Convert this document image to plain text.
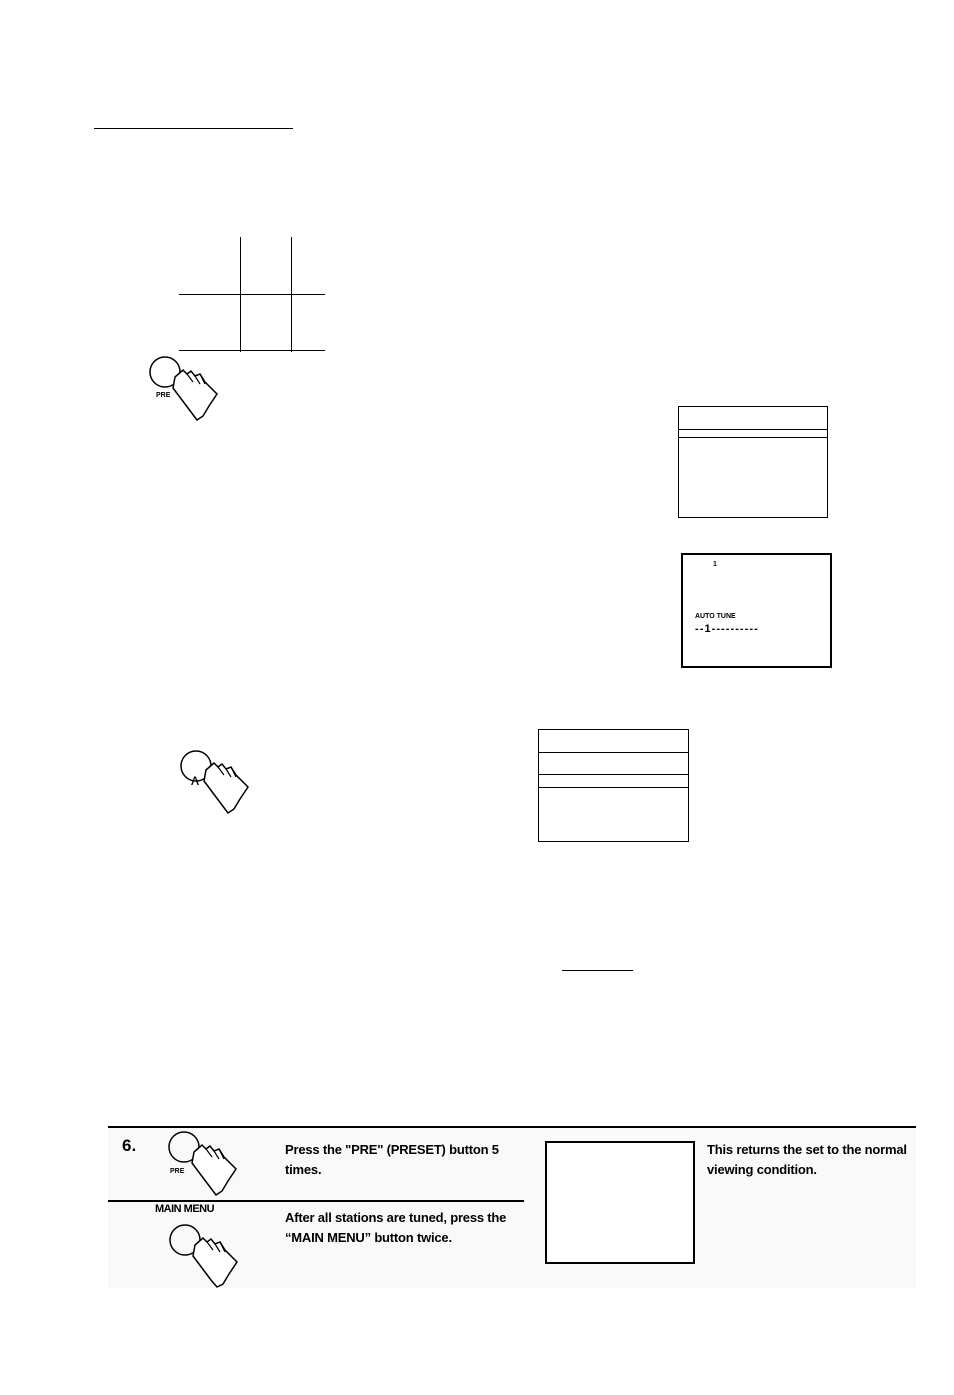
PRE
1
AUTO TUNE
- - 1 - - - - - - - - - -
ʌ
6.
PRE
Press the "PRE" (PRESET) button 5 times.
MAIN MENU
After all stations are tuned, press the “MAIN MENU” button twice.
This returns the set to the normal viewing condition.
